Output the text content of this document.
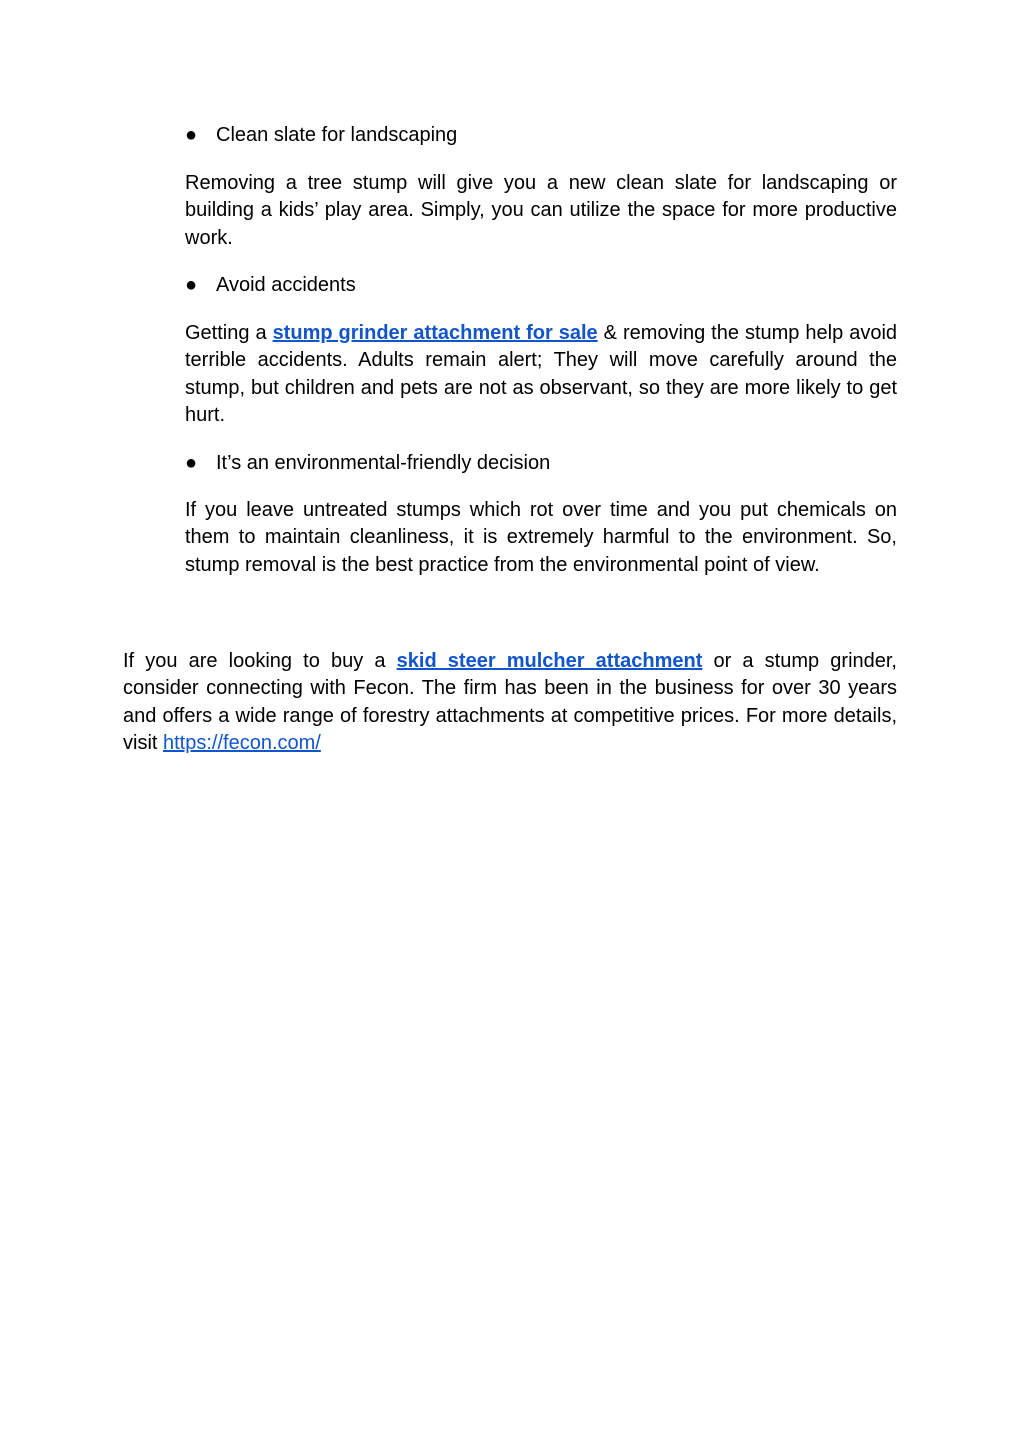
● Clean slate for landscaping

Removing a tree stump will give you a new clean slate for landscaping or building a kids’ play area. Simply, you can utilize the space for more productive work.

● Avoid accidents

Getting a stump grinder attachment for sale & removing the stump help avoid terrible accidents. Adults remain alert; They will move carefully around the stump, but children and pets are not as observant, so they are more likely to get hurt.

● It’s an environmental-friendly decision

If you leave untreated stumps which rot over time and you put chemicals on them to maintain cleanliness, it is extremely harmful to the environment. So, stump removal is the best practice from the environmental point of view.

If you are looking to buy a skid steer mulcher attachment or a stump grinder, consider connecting with Fecon. The firm has been in the business for over 30 years and offers a wide range of forestry attachments at competitive prices. For more details, visit https://fecon.com/
